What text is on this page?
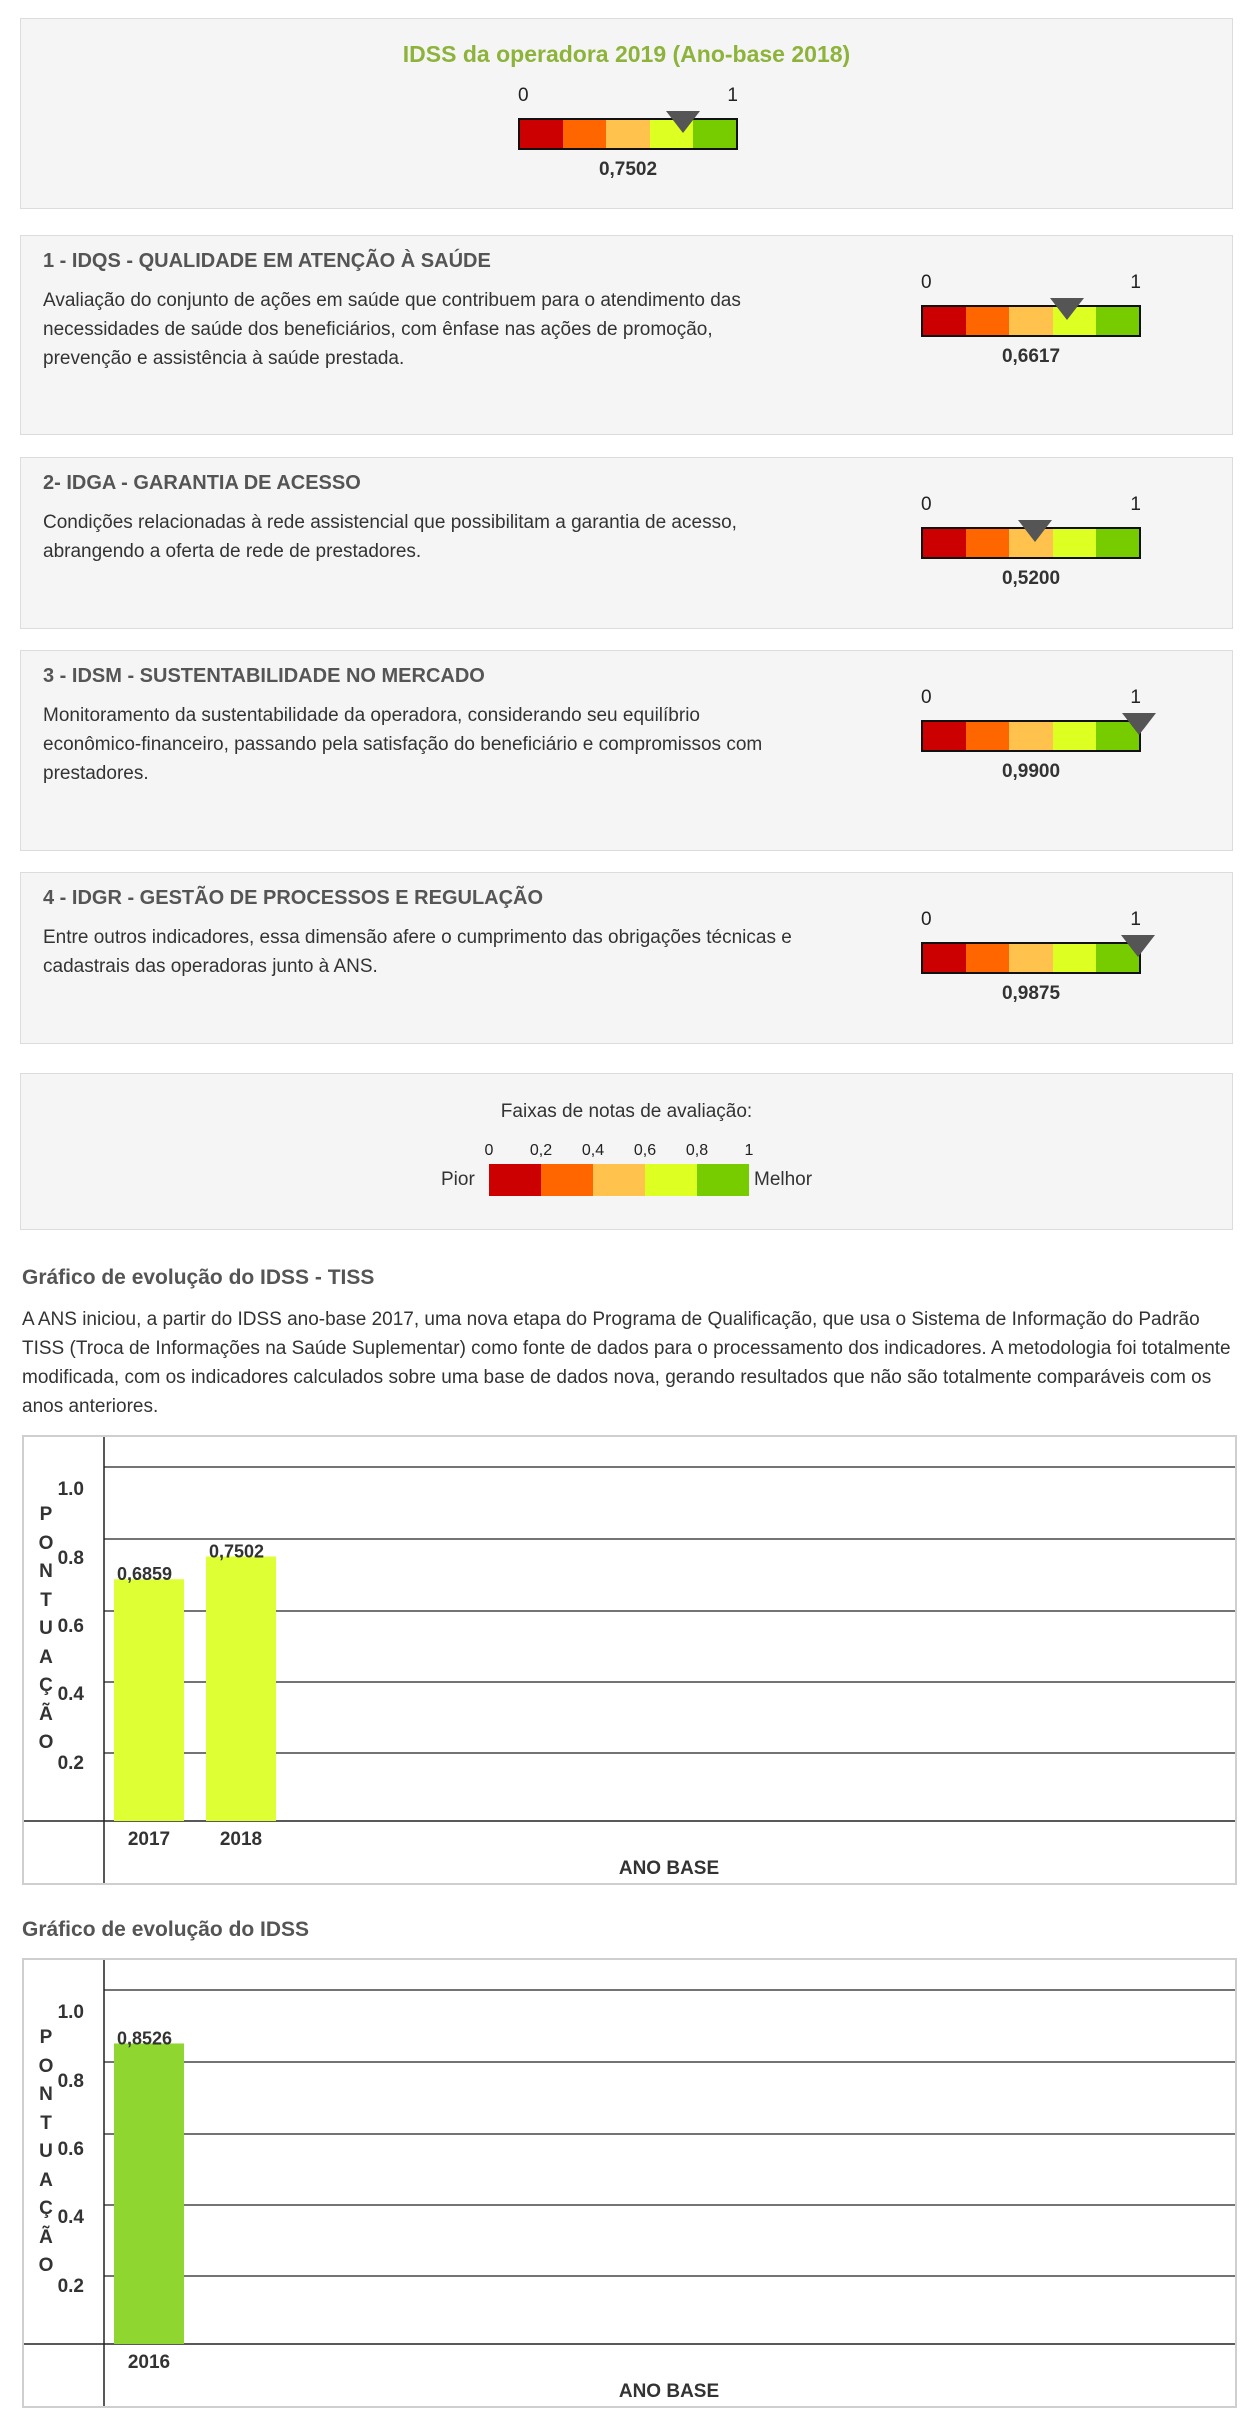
IDSS da operadora 2019 (Ano-base 2018)
0	1
0,7502
1 - IDQS - QUALIDADE EM ATENÇÃO À SAÚDE
Avaliação do conjunto de ações em saúde que contribuem para o atendimento das necessidades de saúde dos beneficiários, com ênfase nas ações de promoção, prevenção e assistência à saúde prestada.
0	1
0,6617
2- IDGA - GARANTIA DE ACESSO
Condições relacionadas à rede assistencial que possibilitam a garantia de acesso, abrangendo a oferta de rede de prestadores.
0	1
0,5200
3 - IDSM - SUSTENTABILIDADE NO MERCADO
Monitoramento da sustentabilidade da operadora, considerando seu equilíbrio econômico-financeiro, passando pela satisfação do beneficiário e compromissos com prestadores.
0	1
0,9900
4 - IDGR - GESTÃO DE PROCESSOS E REGULAÇÃO
Entre outros indicadores, essa dimensão afere o cumprimento das obrigações técnicas e cadastrais das operadoras junto à ANS.
0	1
0,9875
Faixas de notas de avaliação:
0 0,2 0,4 0,6 0,8 1
Pior	Melhor
Gráfico de evolução do IDSS - TISS
A ANS iniciou, a partir do IDSS ano-base 2017, uma nova etapa do Programa de Qualificação, que usa o Sistema de Informação do Padrão TISS (Troca de Informações na Saúde Suplementar) como fonte de dados para o processamento dos indicadores. A metodologia foi totalmente modificada, com os indicadores calculados sobre uma base de dados nova, gerando resultados que não são totalmente comparáveis com os anos anteriores.
1.0
0.8
0.6
0.4
0.2
0,6859
2017
0,7502
2018
ANO BASE
P
O
N
T
U
A
Ç
Ã
O
Gráfico de evolução do IDSS
1.0
0.8
0.6
0.4
0.2
0,8526
2016
ANO BASE
P
O
N
T
U
A
Ç
Ã
O
